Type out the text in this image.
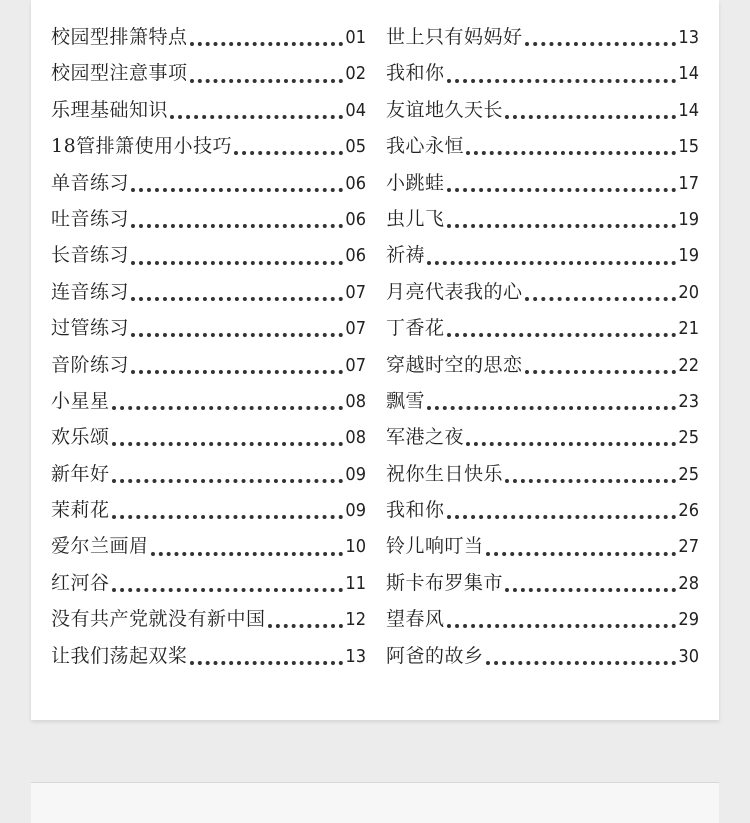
校园型排箫特点	01
校园型注意事项	02
乐理基础知识	04
18管排箫使用小技巧	05
单音练习	06
吐音练习	06
长音练习	06
连音练习	07
过管练习	07
音阶练习	07
小星星	08
欢乐颂	08
新年好	09
茉莉花	09
爱尔兰画眉	10
红河谷	11
没有共产党就没有新中国	12
让我们荡起双桨	13
世上只有妈妈好	13
我和你	14
友谊地久天长	14
我心永恒	15
小跳蛙	17
虫儿飞	19
祈祷	19
月亮代表我的心	20
丁香花	21
穿越时空的思恋	22
飘雪	23
军港之夜	25
祝你生日快乐	25
我和你	26
铃儿响叮当	27
斯卡布罗集市	28
望春风	29
阿爸的故乡	30
